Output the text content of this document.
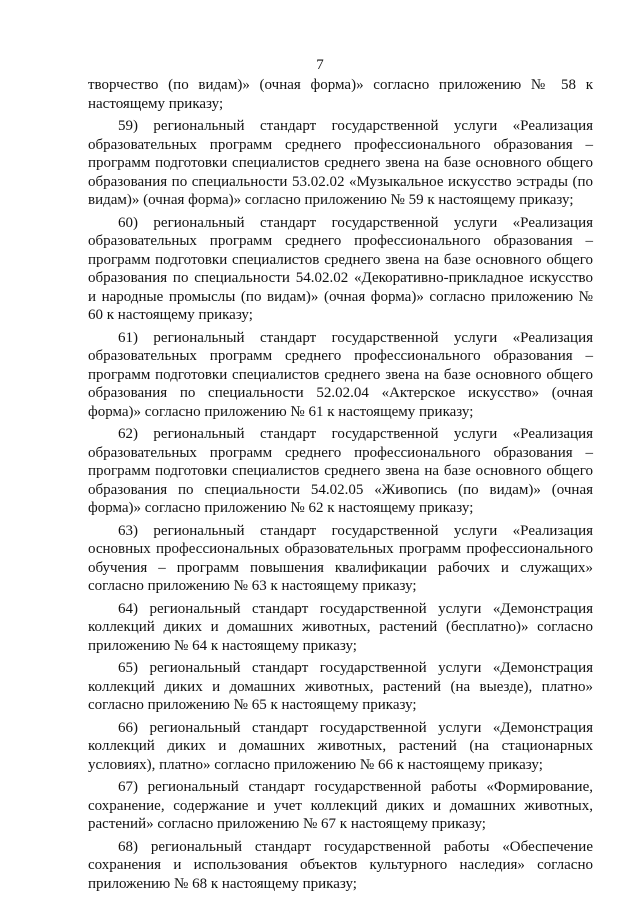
7

творчество (по видам)» (очная форма)» согласно приложению № 58 к настоящему приказу;

59) региональный стандарт государственной услуги «Реализация образовательных программ среднего профессионального образования – программ подготовки специалистов среднего звена на базе основного общего образования по специальности 53.02.02 «Музыкальное искусство эстрады (по видам)» (очная форма)» согласно приложению № 59 к настоящему приказу;

60) региональный стандарт государственной услуги «Реализация образовательных программ среднего профессионального образования – программ подготовки специалистов среднего звена на базе основного общего образования по специальности 54.02.02 «Декоративно-прикладное искусство и народные промыслы (по видам)» (очная форма)» согласно приложению № 60 к настоящему приказу;

61) региональный стандарт государственной услуги «Реализация образовательных программ среднего профессионального образования – программ подготовки специалистов среднего звена на базе основного общего образования по специальности 52.02.04 «Актерское искусство» (очная форма)» согласно приложению № 61 к настоящему приказу;

62) региональный стандарт государственной услуги «Реализация образовательных программ среднего профессионального образования – программ подготовки специалистов среднего звена на базе основного общего образования по специальности 54.02.05 «Живопись (по видам)» (очная форма)» согласно приложению № 62 к настоящему приказу;

63) региональный стандарт государственной услуги «Реализация основных профессиональных образовательных программ профессионального обучения – программ повышения квалификации рабочих и служащих» согласно приложению № 63 к настоящему приказу;

64) региональный стандарт государственной услуги «Демонстрация коллекций диких и домашних животных, растений (бесплатно)» согласно приложению № 64 к настоящему приказу;

65) региональный стандарт государственной услуги «Демонстрация коллекций диких и домашних животных, растений (на выезде), платно» согласно приложению № 65 к настоящему приказу;

66) региональный стандарт государственной услуги «Демонстрация коллекций диких и домашних животных, растений (на стационарных условиях), платно» согласно приложению № 66 к настоящему приказу;

67) региональный стандарт государственной работы «Формирование, сохранение, содержание и учет коллекций диких и домашних животных, растений» согласно приложению № 67 к настоящему приказу;

68) региональный стандарт государственной работы «Обеспечение сохранения и использования объектов культурного наследия» согласно приложению № 68 к настоящему приказу;
